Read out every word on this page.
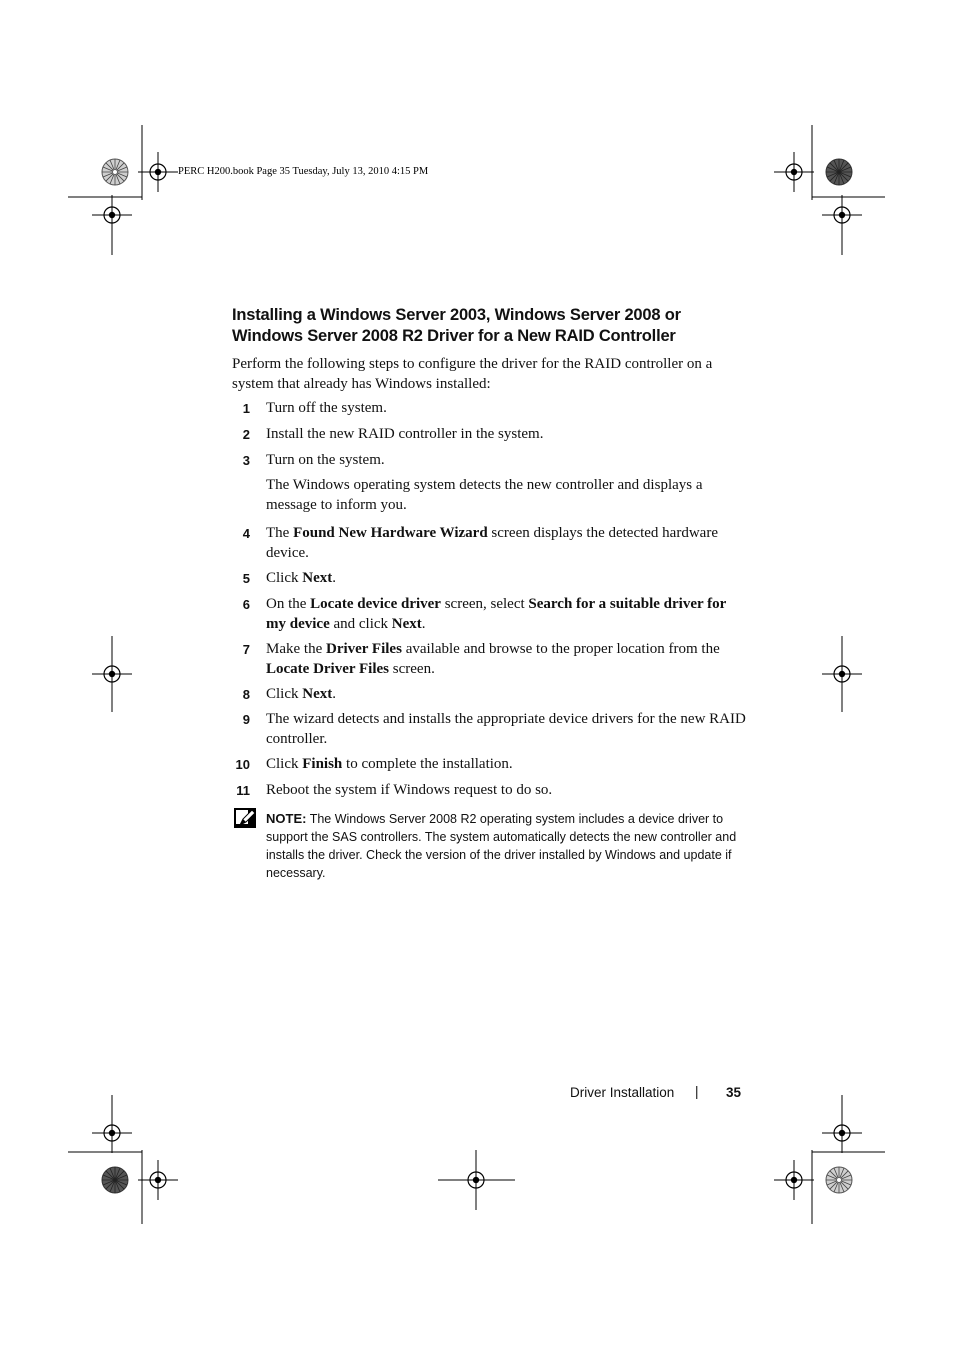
PERC H200.book Page 35 Tuesday, July 13, 2010 4:15 PM
Installing a Windows Server 2003, Windows Server 2008 or Windows Server 2008 R2 Driver for a New RAID Controller
Perform the following steps to configure the driver for the RAID controller on a system that already has Windows installed:
1 Turn off the system.
2 Install the new RAID controller in the system.
3 Turn on the system.
The Windows operating system detects the new controller and displays a message to inform you.
4 The Found New Hardware Wizard screen displays the detected hardware device.
5 Click Next.
6 On the Locate device driver screen, select Search for a suitable driver for my device and click Next.
7 Make the Driver Files available and browse to the proper location from the Locate Driver Files screen.
8 Click Next.
9 The wizard detects and installs the appropriate device drivers for the new RAID controller.
10 Click Finish to complete the installation.
11 Reboot the system if Windows request to do so.
NOTE: The Windows Server 2008 R2 operating system includes a device driver to support the SAS controllers. The system automatically detects the new controller and installs the driver. Check the version of the driver installed by Windows and update if necessary.
Driver Installation | 35
